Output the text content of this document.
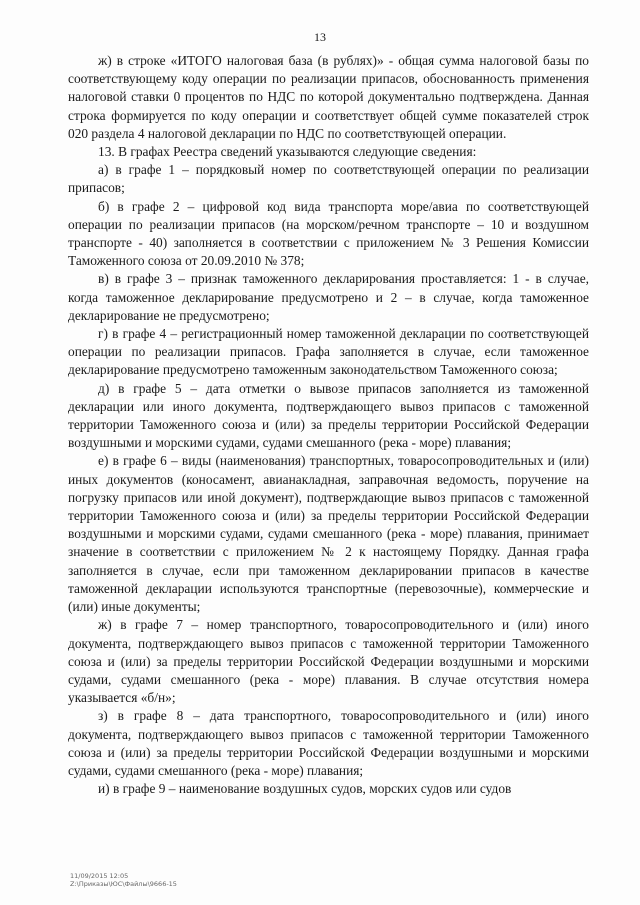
13

ж) в строке «ИТОГО налоговая база (в рублях)» - общая сумма налоговой базы по соответствующему коду операции по реализации припасов, обоснованность применения налоговой ставки 0 процентов по НДС по которой документально подтверждена. Данная строка формируется по коду операции и соответствует общей сумме показателей строк 020 раздела 4 налоговой декларации по НДС по соответствующей операции.

13. В графах Реестра сведений указываются следующие сведения:

а) в графе 1 – порядковый номер по соответствующей операции по реализации припасов;

б) в графе 2 – цифровой код вида транспорта море/авиа по соответствующей операции по реализации припасов (на морском/речном транспорте – 10 и воздушном транспорте - 40) заполняется в соответствии с приложением № 3 Решения Комиссии Таможенного союза от 20.09.2010 № 378;

в) в графе 3 – признак таможенного декларирования проставляется: 1 - в случае, когда таможенное декларирование предусмотрено и 2 – в случае, когда таможенное декларирование не предусмотрено;

г) в графе 4 – регистрационный номер таможенной декларации по соответствующей операции по реализации припасов. Графа заполняется в случае, если таможенное декларирование предусмотрено таможенным законодательством Таможенного союза;

д) в графе 5 – дата отметки о вывозе припасов заполняется из таможенной декларации или иного документа, подтверждающего вывоз припасов с таможенной территории Таможенного союза и (или) за пределы территории Российской Федерации воздушными и морскими судами, судами смешанного (река - море) плавания;

е) в графе 6 – виды (наименования) транспортных, товаросопроводительных и (или) иных документов (коносамент, авианакладная, заправочная ведомость, поручение на погрузку припасов или иной документ), подтверждающие вывоз припасов с таможенной территории Таможенного союза и (или) за пределы территории Российской Федерации воздушными и морскими судами, судами смешанного (река - море) плавания, принимает значение в соответствии с приложением № 2 к настоящему Порядку. Данная графа заполняется в случае, если при таможенном декларировании припасов в качестве таможенной декларации используются транспортные (перевозочные), коммерческие и (или) иные документы;

ж) в графе 7 – номер транспортного, товаросопроводительного и (или) иного документа, подтверждающего вывоз припасов с таможенной территории Таможенного союза и (или) за пределы территории Российской Федерации воздушными и морскими судами, судами смешанного (река - море) плавания. В случае отсутствия номера указывается «б/н»;

з) в графе 8 – дата транспортного, товаросопроводительного и (или) иного документа, подтверждающего вывоз припасов с таможенной территории Таможенного союза и (или) за пределы территории Российской Федерации воздушными и морскими судами, судами смешанного (река - море) плавания;

и) в графе 9 – наименование воздушных судов, морских судов или судов

11/09/2015 12:05
Z:\Приказы\ЮС\Файлы\9666-15
